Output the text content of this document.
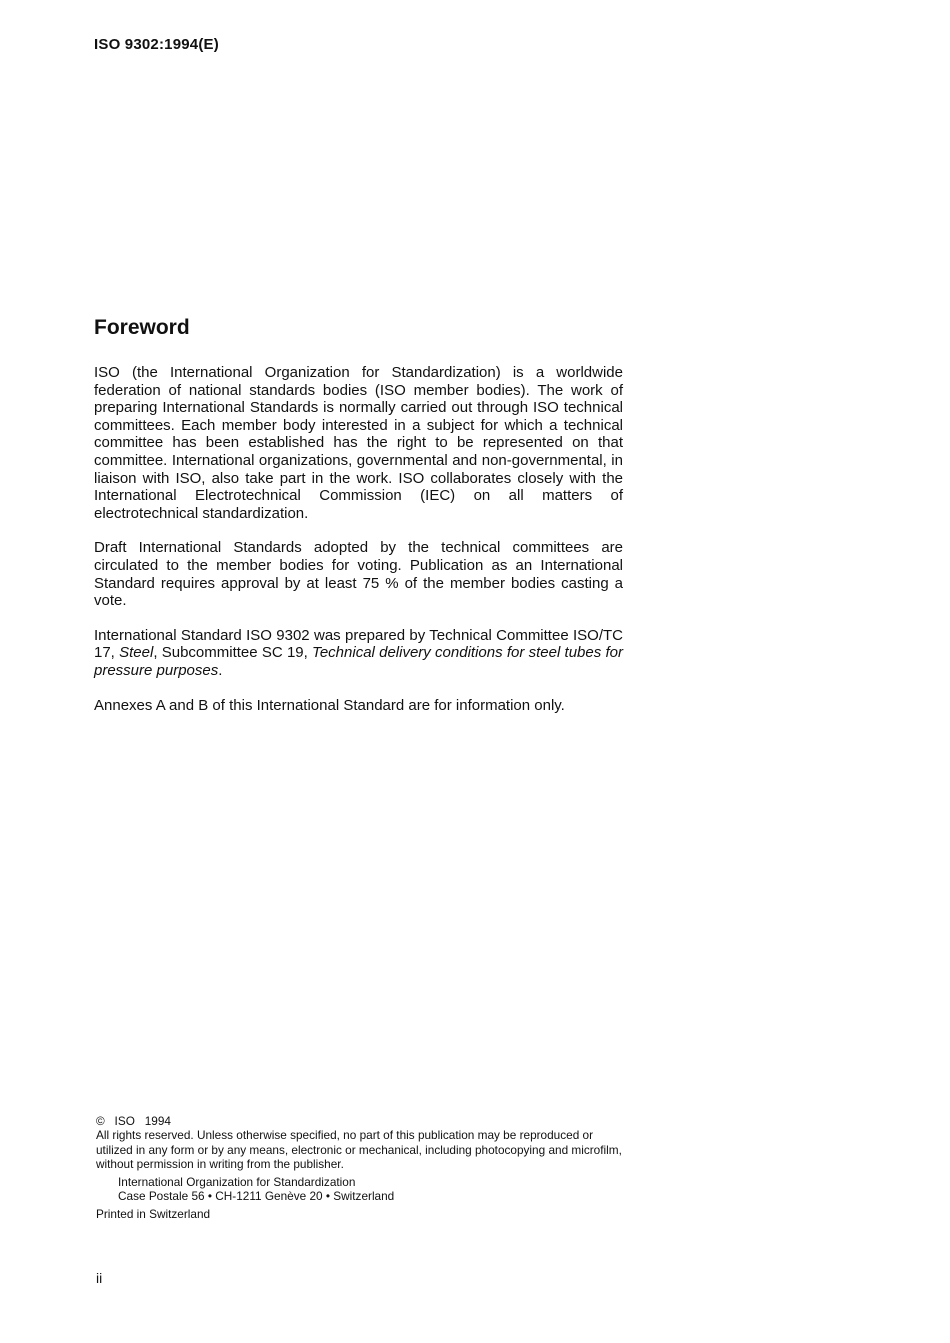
ISO 9302:1994(E)
Foreword

ISO (the International Organization for Standardization) is a worldwide federation of national standards bodies (ISO member bodies). The work of preparing International Standards is normally carried out through ISO technical committees. Each member body interested in a subject for which a technical committee has been established has the right to be represented on that committee. International organizations, governmental and non-governmental, in liaison with ISO, also take part in the work. ISO collaborates closely with the International Electrotechnical Commission (IEC) on all matters of electrotechnical standardization.

Draft International Standards adopted by the technical committees are circulated to the member bodies for voting. Publication as an International Standard requires approval by at least 75 % of the member bodies casting a vote.

International Standard ISO 9302 was prepared by Technical Committee ISO/TC 17, Steel, Subcommittee SC 19, Technical delivery conditions for steel tubes for pressure purposes.

Annexes A and B of this International Standard are for information only.

© ISO 1994
All rights reserved. Unless otherwise specified, no part of this publication may be reproduced or utilized in any form or by any means, electronic or mechanical, including photocopying and microfilm, without permission in writing from the publisher.
International Organization for Standardization
Case Postale 56 • CH-1211 Genève 20 • Switzerland
Printed in Switzerland
ii
